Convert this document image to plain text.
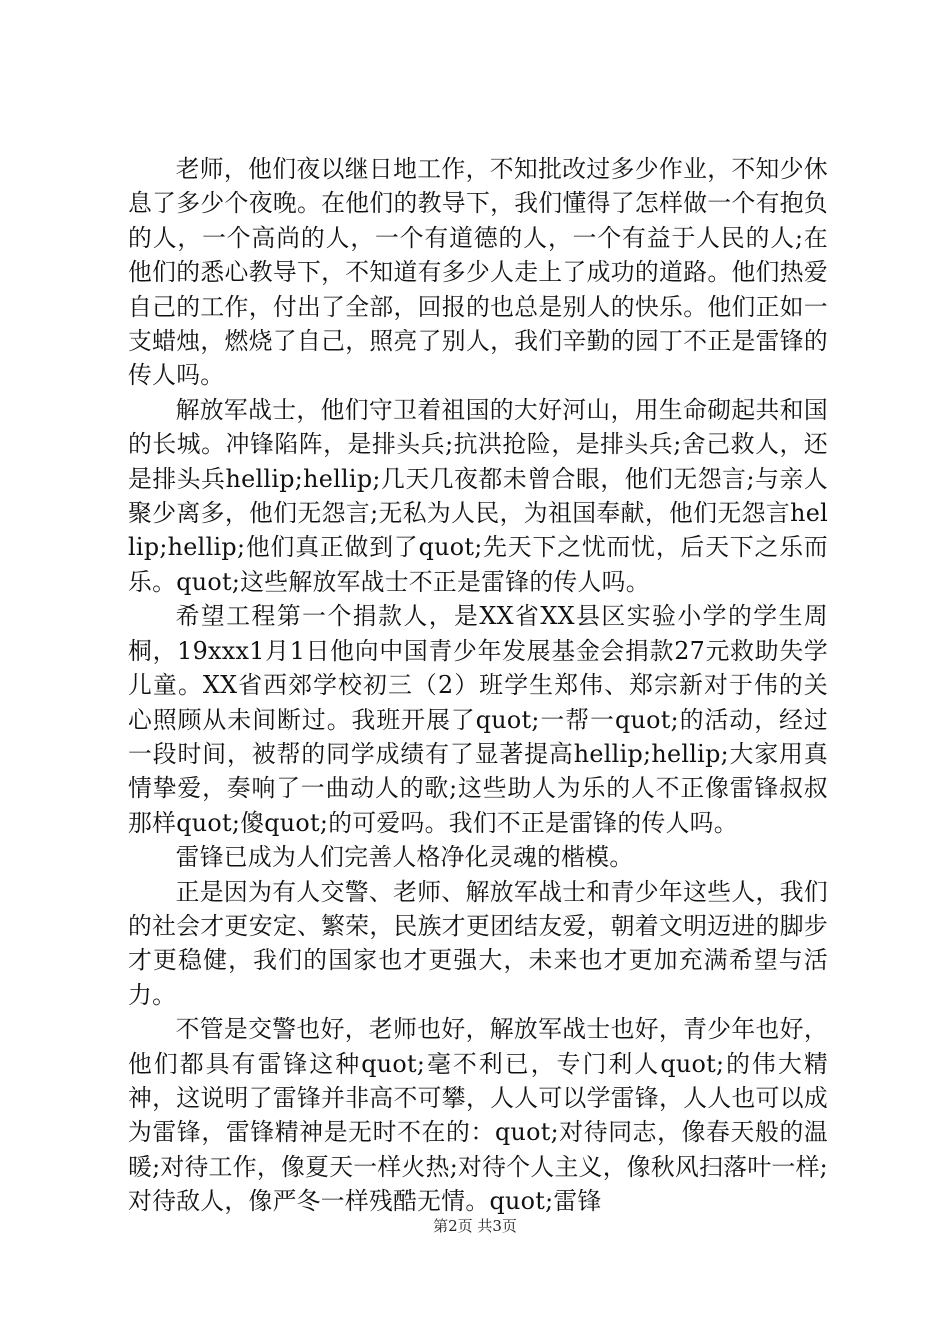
老师，他们夜以继日地工作，不知批改过多少作业，不知少休息了多少个夜晚。在他们的教导下，我们懂得了怎样做一个有抱负的人，一个高尚的人，一个有道德的人，一个有益于人民的人;在他们的悉心教导下，不知道有多少人走上了成功的道路。他们热爱自己的工作，付出了全部，回报的也总是别人的快乐。他们正如一支蜡烛，燃烧了自己，照亮了别人，我们辛勤的园丁不正是雷锋的传人吗。

解放军战士，他们守卫着祖国的大好河山，用生命砌起共和国的长城。冲锋陷阵，是排头兵;抗洪抢险，是排头兵;舍己救人，还是排头兵hellip;hellip;几天几夜都未曾合眼，他们无怨言;与亲人聚少离多，他们无怨言;无私为人民，为祖国奉献，他们无怨言hellip;hellip;他们真正做到了quot;先天下之忧而忧，后天下之乐而乐。quot;这些解放军战士不正是雷锋的传人吗。

希望工程第一个捐款人，是XX省XX县区实验小学的学生周桐，19xxx1月1日他向中国青少年发展基金会捐款27元救助失学儿童。XX省西郊学校初三（2）班学生郑伟、郑宗新对于伟的关心照顾从未间断过。我班开展了quot;一帮一quot;的活动，经过一段时间，被帮的同学成绩有了显著提高hellip;hellip;大家用真情挚爱，奏响了一曲动人的歌;这些助人为乐的人不正像雷锋叔叔那样quot;傻quot;的可爱吗。我们不正是雷锋的传人吗。

雷锋已成为人们完善人格净化灵魂的楷模。

正是因为有人交警、老师、解放军战士和青少年这些人，我们的社会才更安定、繁荣，民族才更团结友爱，朝着文明迈进的脚步才更稳健，我们的国家也才更强大，未来也才更加充满希望与活力。

不管是交警也好，老师也好，解放军战士也好，青少年也好，他们都具有雷锋这种quot;毫不利已，专门利人quot;的伟大精神，这说明了雷锋并非高不可攀，人人可以学雷锋，人人也可以成为雷锋，雷锋精神是无时不在的：quot;对待同志，像春天般的温暖;对待工作，像夏天一样火热;对待个人主义，像秋风扫落叶一样;对待敌人，像严冬一样残酷无情。quot;雷锋

第2页 共3页
